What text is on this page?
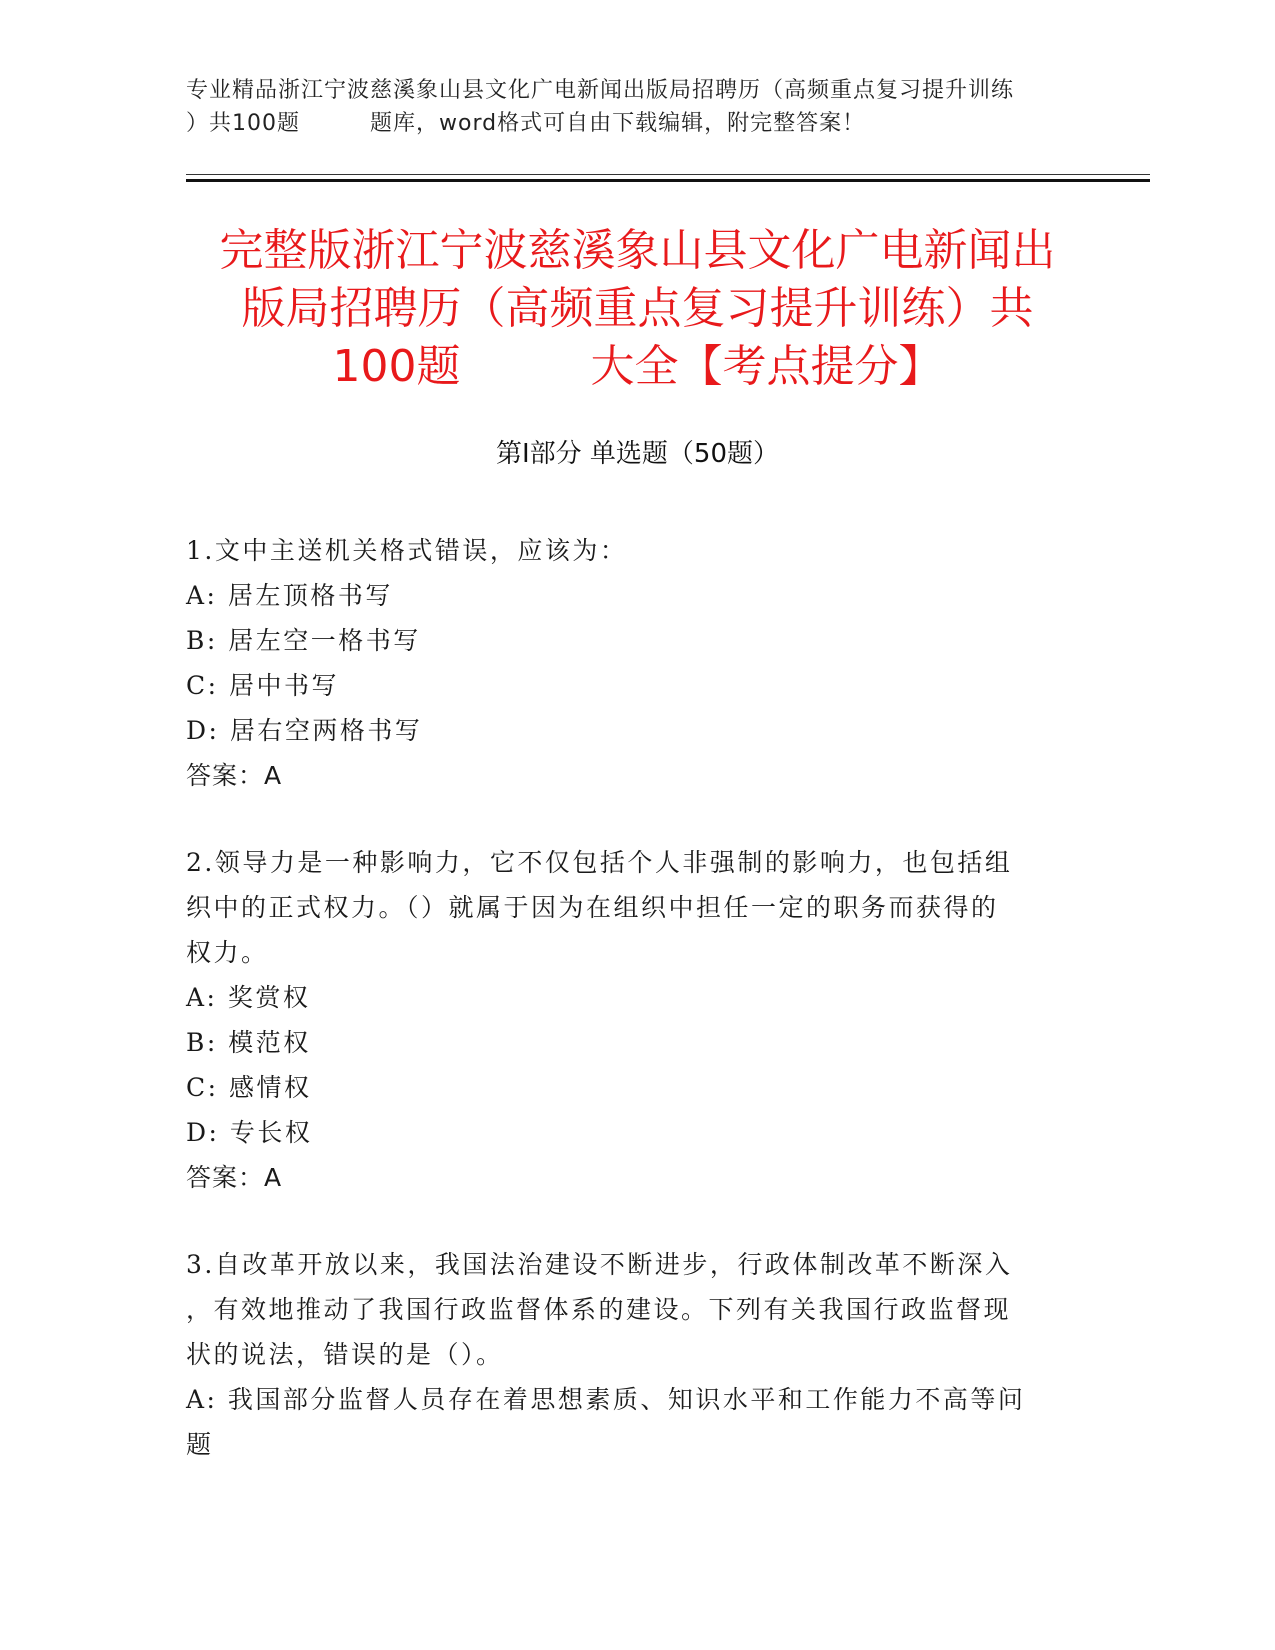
专业精品浙江宁波慈溪象山县文化广电新闻出版局招聘历（高频重点复习提升训练
）共100题	题库，word格式可自由下载编辑，附完整答案！
完整版浙江宁波慈溪象山县文化广电新闻出
版局招聘历（高频重点复习提升训练）共
100题	大全【考点提分】
第Ⅰ部分 单选题（50题）

1.文中主送机关格式错误，应该为：

A: 居左顶格书写

B: 居左空一格书写

C: 居中书写

D: 居右空两格书写

答案：A

2.领导力是一种影响力，它不仅包括个人非强制的影响力，也包括组

织中的正式权力。（）就属于因为在组织中担任一定的职务而获得的

权力。

A: 奖赏权

B: 模范权

C: 感情权

D: 专长权

答案：A

3.自改革开放以来，我国法治建设不断进步，行政体制改革不断深入

，有效地推动了我国行政监督体系的建设。下列有关我国行政监督现

状的说法，错误的是（）。

A: 我国部分监督人员存在着思想素质、知识水平和工作能力不高等问

题
